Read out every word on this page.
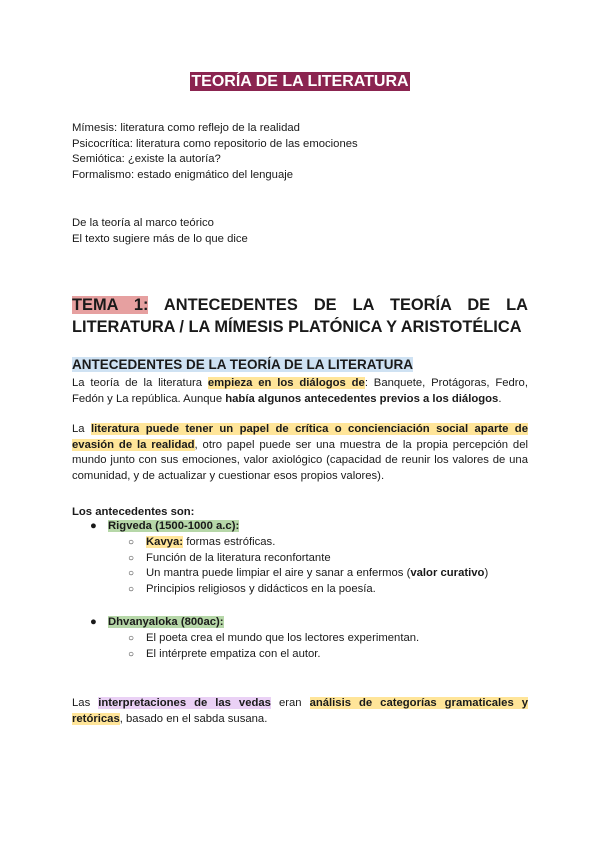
TEORÍA DE LA LITERATURA
Mímesis: literatura como reflejo de la realidad
Psicocrítica: literatura como repositorio de las emociones
Semiótica: ¿existe la autoría?
Formalismo: estado enigmático del lenguaje
De la teoría al marco teórico
El texto sugiere más de lo que dice
TEMA 1: ANTECEDENTES DE LA TEORÍA DE LA
LITERATURA / LA MÍMESIS PLATÓNICA Y ARISTOTÉLICA
ANTECEDENTES DE LA TEORÍA DE LA LITERATURA
La teoría de la literatura empieza en los diálogos de: Banquete, Protágoras, Fedro, Fedón y La república. Aunque había algunos antecedentes previos a los diálogos.
La literatura puede tener un papel de crítica o concienciación social aparte de evasión de la realidad, otro papel puede ser una muestra de la propia percepción del mundo junto con sus emociones, valor axiológico (capacidad de reunir los valores de una comunidad, y de actualizar y cuestionar esos propios valores).
Los antecedentes son:
● Rigveda (1500-1000 a.c):
○ Kavya: formas estróficas.
○ Función de la literatura reconfortante
○ Un mantra puede limpiar el aire y sanar a enfermos (valor curativo)
○ Principios religiosos y didácticos en la poesía.
● Dhvanyaloka (800ac):
○ El poeta crea el mundo que los lectores experimentan.
○ El intérprete empatiza con el autor.
Las interpretaciones de las vedas eran análisis de categorías gramaticales y retóricas, basado en el sabda susana.
